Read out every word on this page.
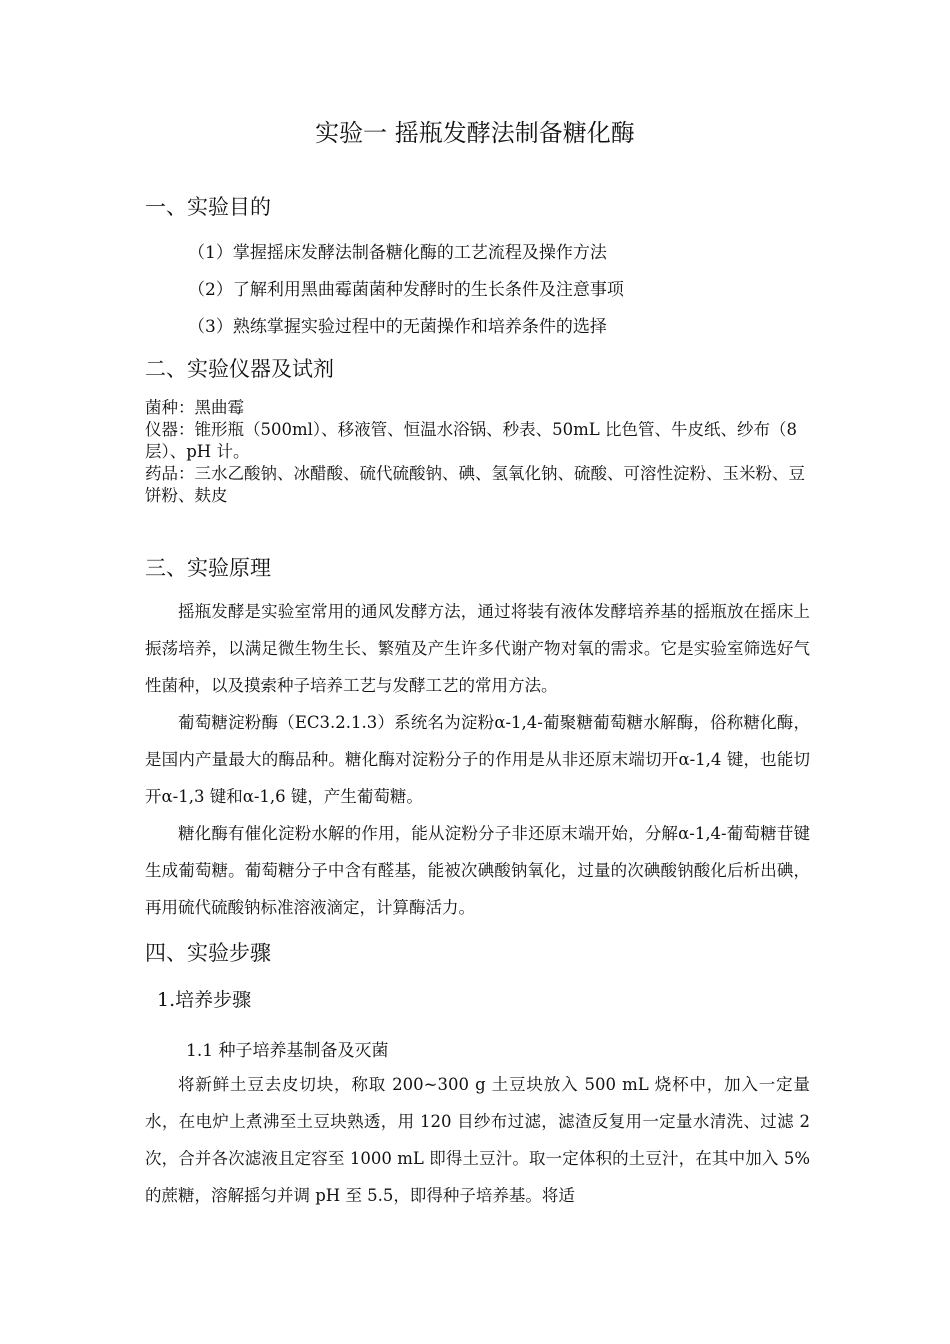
实验一 摇瓶发酵法制备糖化酶
一、实验目的
（1）掌握摇床发酵法制备糖化酶的工艺流程及操作方法
（2）了解利用黑曲霉菌菌种发酵时的生长条件及注意事项
（3）熟练掌握实验过程中的无菌操作和培养条件的选择
二、实验仪器及试剂

菌种：黑曲霉

仪器：锥形瓶（500ml）、移液管、恒温水浴锅、秒表、50mL 比色管、牛皮纸、纱布（8层）、pH 计。

药品：三水乙酸钠、冰醋酸、硫代硫酸钠、碘、氢氧化钠、硫酸、可溶性淀粉、玉米粉、豆饼粉、麸皮

三、实验原理

摇瓶发酵是实验室常用的通风发酵方法，通过将装有液体发酵培养基的摇瓶放在摇床上振荡培养，以满足微生物生长、繁殖及产生许多代谢产物对氧的需求。它是实验室筛选好气性菌种，以及摸索种子培养工艺与发酵工艺的常用方法。

葡萄糖淀粉酶（EC3.2.1.3）系统名为淀粉α-1,4-葡聚糖葡萄糖水解酶，俗称糖化酶，是国内产量最大的酶品种。糖化酶对淀粉分子的作用是从非还原末端切开α-1,4 键，也能切开α-1,3 键和α-1,6 键，产生葡萄糖。

糖化酶有催化淀粉水解的作用，能从淀粉分子非还原末端开始，分解α-1,4-葡萄糖苷键生成葡萄糖。葡萄糖分子中含有醛基，能被次碘酸钠氧化，过量的次碘酸钠酸化后析出碘，再用硫代硫酸钠标准溶液滴定，计算酶活力。

四、实验步骤
1.培养步骤
1.1 种子培养基制备及灭菌

将新鲜土豆去皮切块，称取 200~300 g 土豆块放入 500 mL 烧杯中，加入一定量水，在电炉上煮沸至土豆块熟透，用 120 目纱布过滤，滤渣反复用一定量水清洗、过滤 2 次，合并各次滤液且定容至 1000 mL 即得土豆汁。取一定体积的土豆汁，在其中加入 5%的蔗糖，溶解摇匀并调 pH 至 5.5，即得种子培养基。将适
